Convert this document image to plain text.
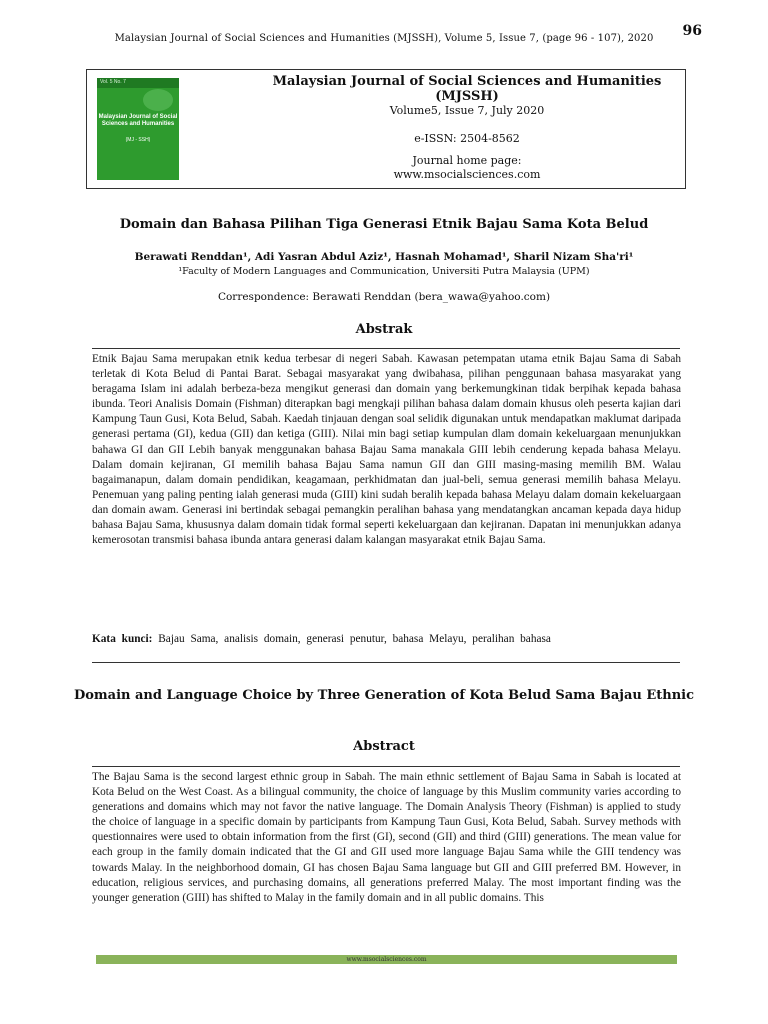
Malaysian Journal of Social Sciences and Humanities (MJSSH), Volume 5, Issue 7, (page 96 - 107), 2020	96
Vol. 5 No. 7
Malaysian Journal of Social Sciences and Humanities
(MJ - SSH)
Malaysian Journal of Social Sciences and Humanities (MJSSH)
Volume5, Issue 7, July 2020
e-ISSN: 2504-8562
Journal home page:
www.msocialsciences.com
Domain dan Bahasa Pilihan Tiga Generasi Etnik Bajau Sama Kota Belud
Berawati Renddan¹, Adi Yasran Abdul Aziz¹, Hasnah Mohamad¹, Sharil Nizam Sha'ri¹
¹Faculty of Modern Languages and Communication, Universiti Putra Malaysia (UPM)
Correspondence: Berawati Renddan (bera_wawa@yahoo.com)
Abstrak
Etnik Bajau Sama merupakan etnik kedua terbesar di negeri Sabah. Kawasan petempatan utama etnik Bajau Sama di Sabah terletak di Kota Belud di Pantai Barat. Sebagai masyarakat yang dwibahasa, pilihan penggunaan bahasa masyarakat yang beragama Islam ini adalah berbeza-beza mengikut generasi dan domain yang berkemungkinan tidak berpihak kepada bahasa ibunda. Teori Analisis Domain (Fishman) diterapkan bagi mengkaji pilihan bahasa dalam domain khusus oleh peserta kajian dari Kampung Taun Gusi, Kota Belud, Sabah. Kaedah tinjauan dengan soal selidik digunakan untuk mendapatkan maklumat daripada generasi pertama (GI), kedua (GII) dan ketiga (GIII). Nilai min bagi setiap kumpulan dlam domain kekeluargaan menunjukkan bahawa GI dan GII Lebih banyak menggunakan bahasa Bajau Sama manakala GIII lebih cenderung kepada bahasa Melayu. Dalam domain kejiranan, GI memilih bahasa Bajau Sama namun GII dan GIII masing-masing memilih BM. Walau bagaimanapun, dalam domain pendidikan, keagamaan, perkhidmatan dan jual-beli, semua generasi memilih bahasa Melayu. Penemuan yang paling penting ialah generasi muda (GIII) kini sudah beralih kepada bahasa Melayu dalam domain kekeluargaan dan domain awam. Generasi ini bertindak sebagai pemangkin peralihan bahasa yang mendatangkan ancaman kepada daya hidup bahasa Bajau Sama, khususnya dalam domain tidak formal seperti kekeluargaan dan kejiranan. Dapatan ini menunjukkan adanya kemerosotan transmisi bahasa ibunda antara generasi dalam kalangan masyarakat etnik Bajau Sama.
Kata kunci: Bajau Sama, analisis domain, generasi penutur, bahasa Melayu, peralihan bahasa
Domain and Language Choice by Three Generation of Kota Belud Sama Bajau Ethnic
Abstract
The Bajau Sama is the second largest ethnic group in Sabah. The main ethnic settlement of Bajau Sama in Sabah is located at Kota Belud on the West Coast. As a bilingual community, the choice of language by this Muslim community varies according to generations and domains which may not favor the native language. The Domain Analysis Theory (Fishman) is applied to study the choice of language in a specific domain by participants from Kampung Taun Gusi, Kota Belud, Sabah. Survey methods with questionnaires were used to obtain information from the first (GI), second (GII) and third (GIII) generations. The mean value for each group in the family domain indicated that the GI and GII used more language Bajau Sama while the GIII tendency was towards Malay. In the neighborhood domain, GI has chosen Bajau Sama language but GII and GIII preferred BM. However, in education, religious services, and purchasing domains, all generations preferred Malay. The most important finding was the younger generation (GIII) has shifted to Malay in the family domain and in all public domains. This
www.msocialsciences.com
